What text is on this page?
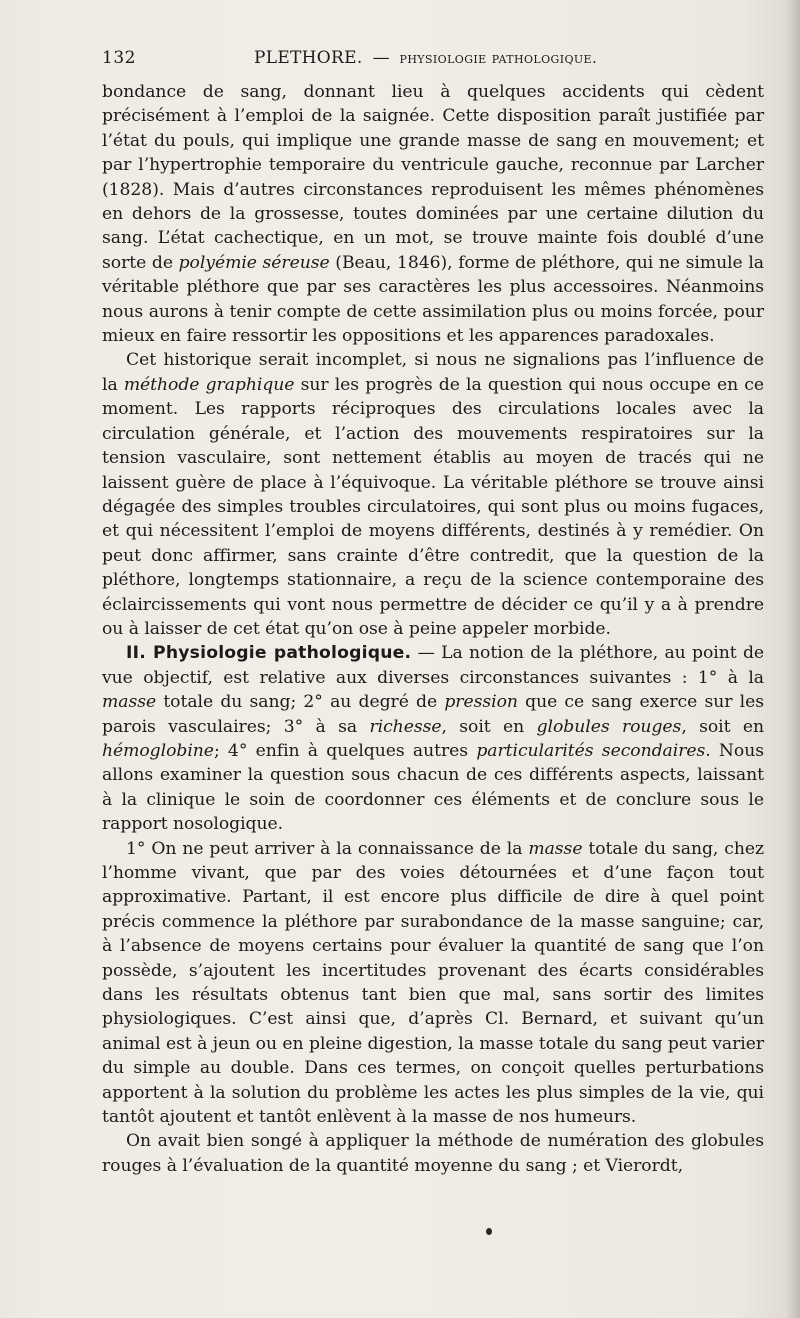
132	PLETHORE. — physiologie pathologique.

bondance de sang, donnant lieu à quelques accidents qui cèdent précisément à l’emploi de la saignée. Cette disposition paraît justifiée par l’état du pouls, qui implique une grande masse de sang en mouvement; et par l’hypertrophie temporaire du ventricule gauche, reconnue par Larcher (1828). Mais d’autres circonstances reproduisent les mêmes phénomènes en dehors de la grossesse, toutes dominées par une certaine dilution du sang. L’état cachectique, en un mot, se trouve mainte fois doublé d’une sorte de polyémie séreuse (Beau, 1846), forme de pléthore, qui ne simule la véritable pléthore que par ses caractères les plus accessoires. Néanmoins nous aurons à tenir compte de cette assimilation plus ou moins forcée, pour mieux en faire ressortir les oppositions et les apparences paradoxales.

Cet historique serait incomplet, si nous ne signalions pas l’influence de la méthode graphique sur les progrès de la question qui nous occupe en ce moment. Les rapports réciproques des circulations locales avec la circulation générale, et l’action des mouvements respiratoires sur la tension vasculaire, sont nettement établis au moyen de tracés qui ne laissent guère de place à l’équivoque. La véritable pléthore se trouve ainsi dégagée des simples troubles circulatoires, qui sont plus ou moins fugaces, et qui nécessitent l’emploi de moyens différents, destinés à y remédier. On peut donc affirmer, sans crainte d’être contredit, que la question de la pléthore, longtemps stationnaire, a reçu de la science contemporaine des éclaircissements qui vont nous permettre de décider ce qu’il y a à prendre ou à laisser de cet état qu’on ose à peine appeler morbide.

II. Physiologie pathologique. — La notion de la pléthore, au point de vue objectif, est relative aux diverses circonstances suivantes : 1° à la masse totale du sang; 2° au degré de pression que ce sang exerce sur les parois vasculaires; 3° à sa richesse, soit en globules rouges, soit en hémoglobine; 4° enfin à quelques autres particularités secondaires. Nous allons examiner la question sous chacun de ces différents aspects, laissant à la clinique le soin de coordonner ces éléments et de conclure sous le rapport nosologique.

1° On ne peut arriver à la connaissance de la masse totale du sang, chez l’homme vivant, que par des voies détournées et d’une façon tout approximative. Partant, il est encore plus difficile de dire à quel point précis commence la pléthore par surabondance de la masse sanguine; car, à l’absence de moyens certains pour évaluer la quantité de sang que l’on possède, s’ajoutent les incertitudes provenant des écarts considérables dans les résultats obtenus tant bien que mal, sans sortir des limites physiologiques. C’est ainsi que, d’après Cl. Bernard, et suivant qu’un animal est à jeun ou en pleine digestion, la masse totale du sang peut varier du simple au double. Dans ces termes, on conçoit quelles perturbations apportent à la solution du problème les actes les plus simples de la vie, qui tantôt ajoutent et tantôt enlèvent à la masse de nos humeurs.

On avait bien songé à appliquer la méthode de numération des globules rouges à l’évaluation de la quantité moyenne du sang ; et Vierordt,
